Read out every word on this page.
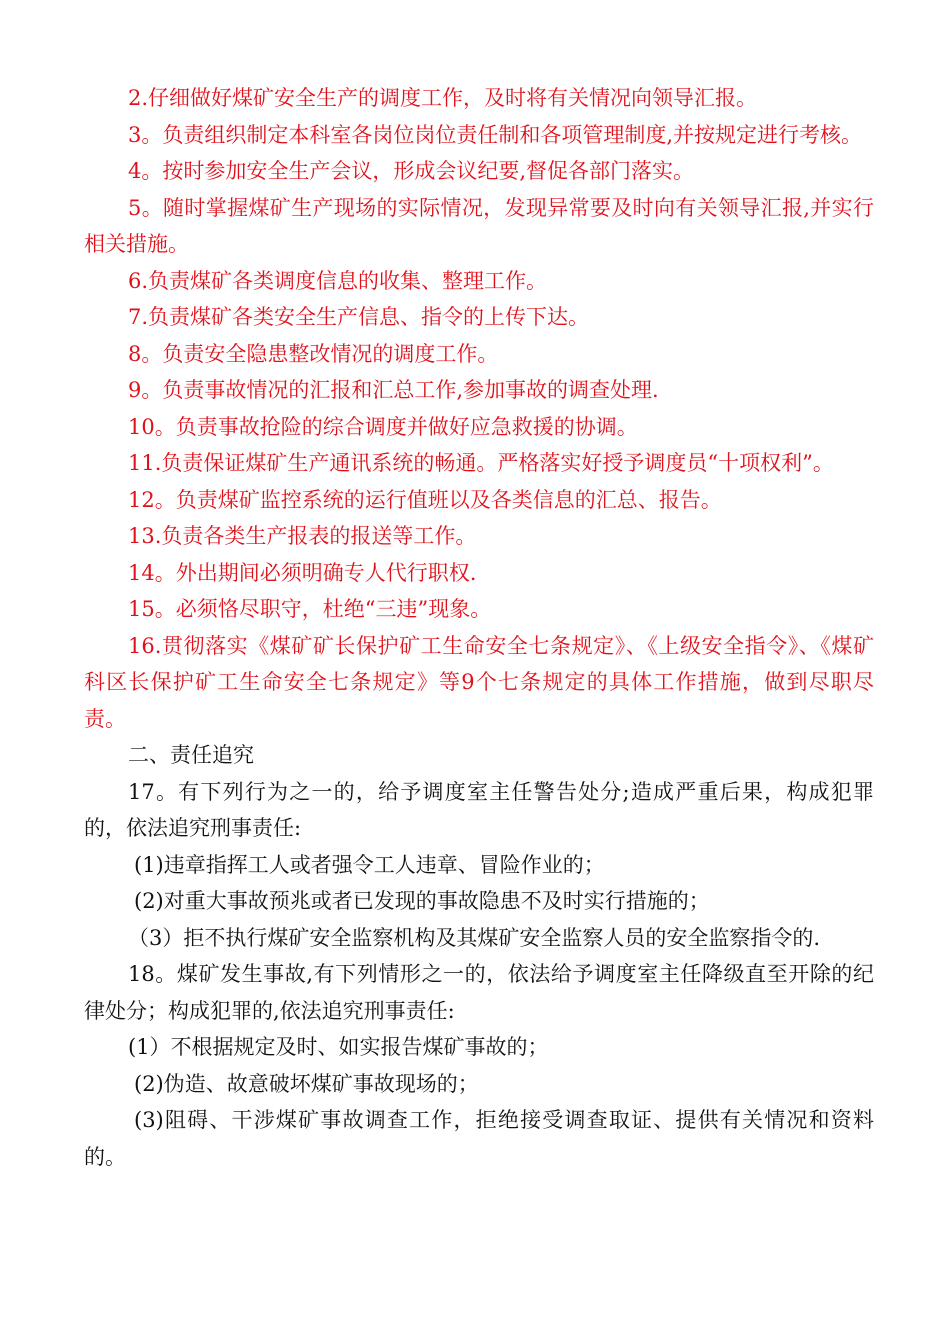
2.仔细做好煤矿安全生产的调度工作，及时将有关情况向领导汇报。

3。负责组织制定本科室各岗位岗位责任制和各项管理制度,并按规定进行考核。

4。按时参加安全生产会议，形成会议纪要,督促各部门落实。

5。随时掌握煤矿生产现场的实际情况，发现异常要及时向有关领导汇报,并实行相关措施。

6.负责煤矿各类调度信息的收集、整理工作。

7.负责煤矿各类安全生产信息、指令的上传下达。

8。负责安全隐患整改情况的调度工作。

9。负责事故情况的汇报和汇总工作,参加事故的调查处理.

10。负责事故抢险的综合调度并做好应急救援的协调。

11.负责保证煤矿生产通讯系统的畅通。严格落实好授予调度员“十项权利”。

12。负责煤矿监控系统的运行值班以及各类信息的汇总、报告。

13.负责各类生产报表的报送等工作。

14。外出期间必须明确专人代行职权.

15。必须恪尽职守，杜绝“三违”现象。

16.贯彻落实《煤矿矿长保护矿工生命安全七条规定》、《上级安全指令》、《煤矿科区长保护矿工生命安全七条规定》等9个七条规定的具体工作措施，做到尽职尽责。

二、责任追究

17。有下列行为之一的，给予调度室主任警告处分;造成严重后果，构成犯罪的，依法追究刑事责任:

(1)违章指挥工人或者强令工人违章、冒险作业的；

(2)对重大事故预兆或者已发现的事故隐患不及时实行措施的；

（3）拒不执行煤矿安全监察机构及其煤矿安全监察人员的安全监察指令的.

18。煤矿发生事故,有下列情形之一的，依法给予调度室主任降级直至开除的纪律处分；构成犯罪的,依法追究刑事责任:

(1）不根据规定及时、如实报告煤矿事故的；

(2)伪造、故意破坏煤矿事故现场的；

(3)阻碍、干涉煤矿事故调查工作，拒绝接受调查取证、提供有关情况和资料的。
